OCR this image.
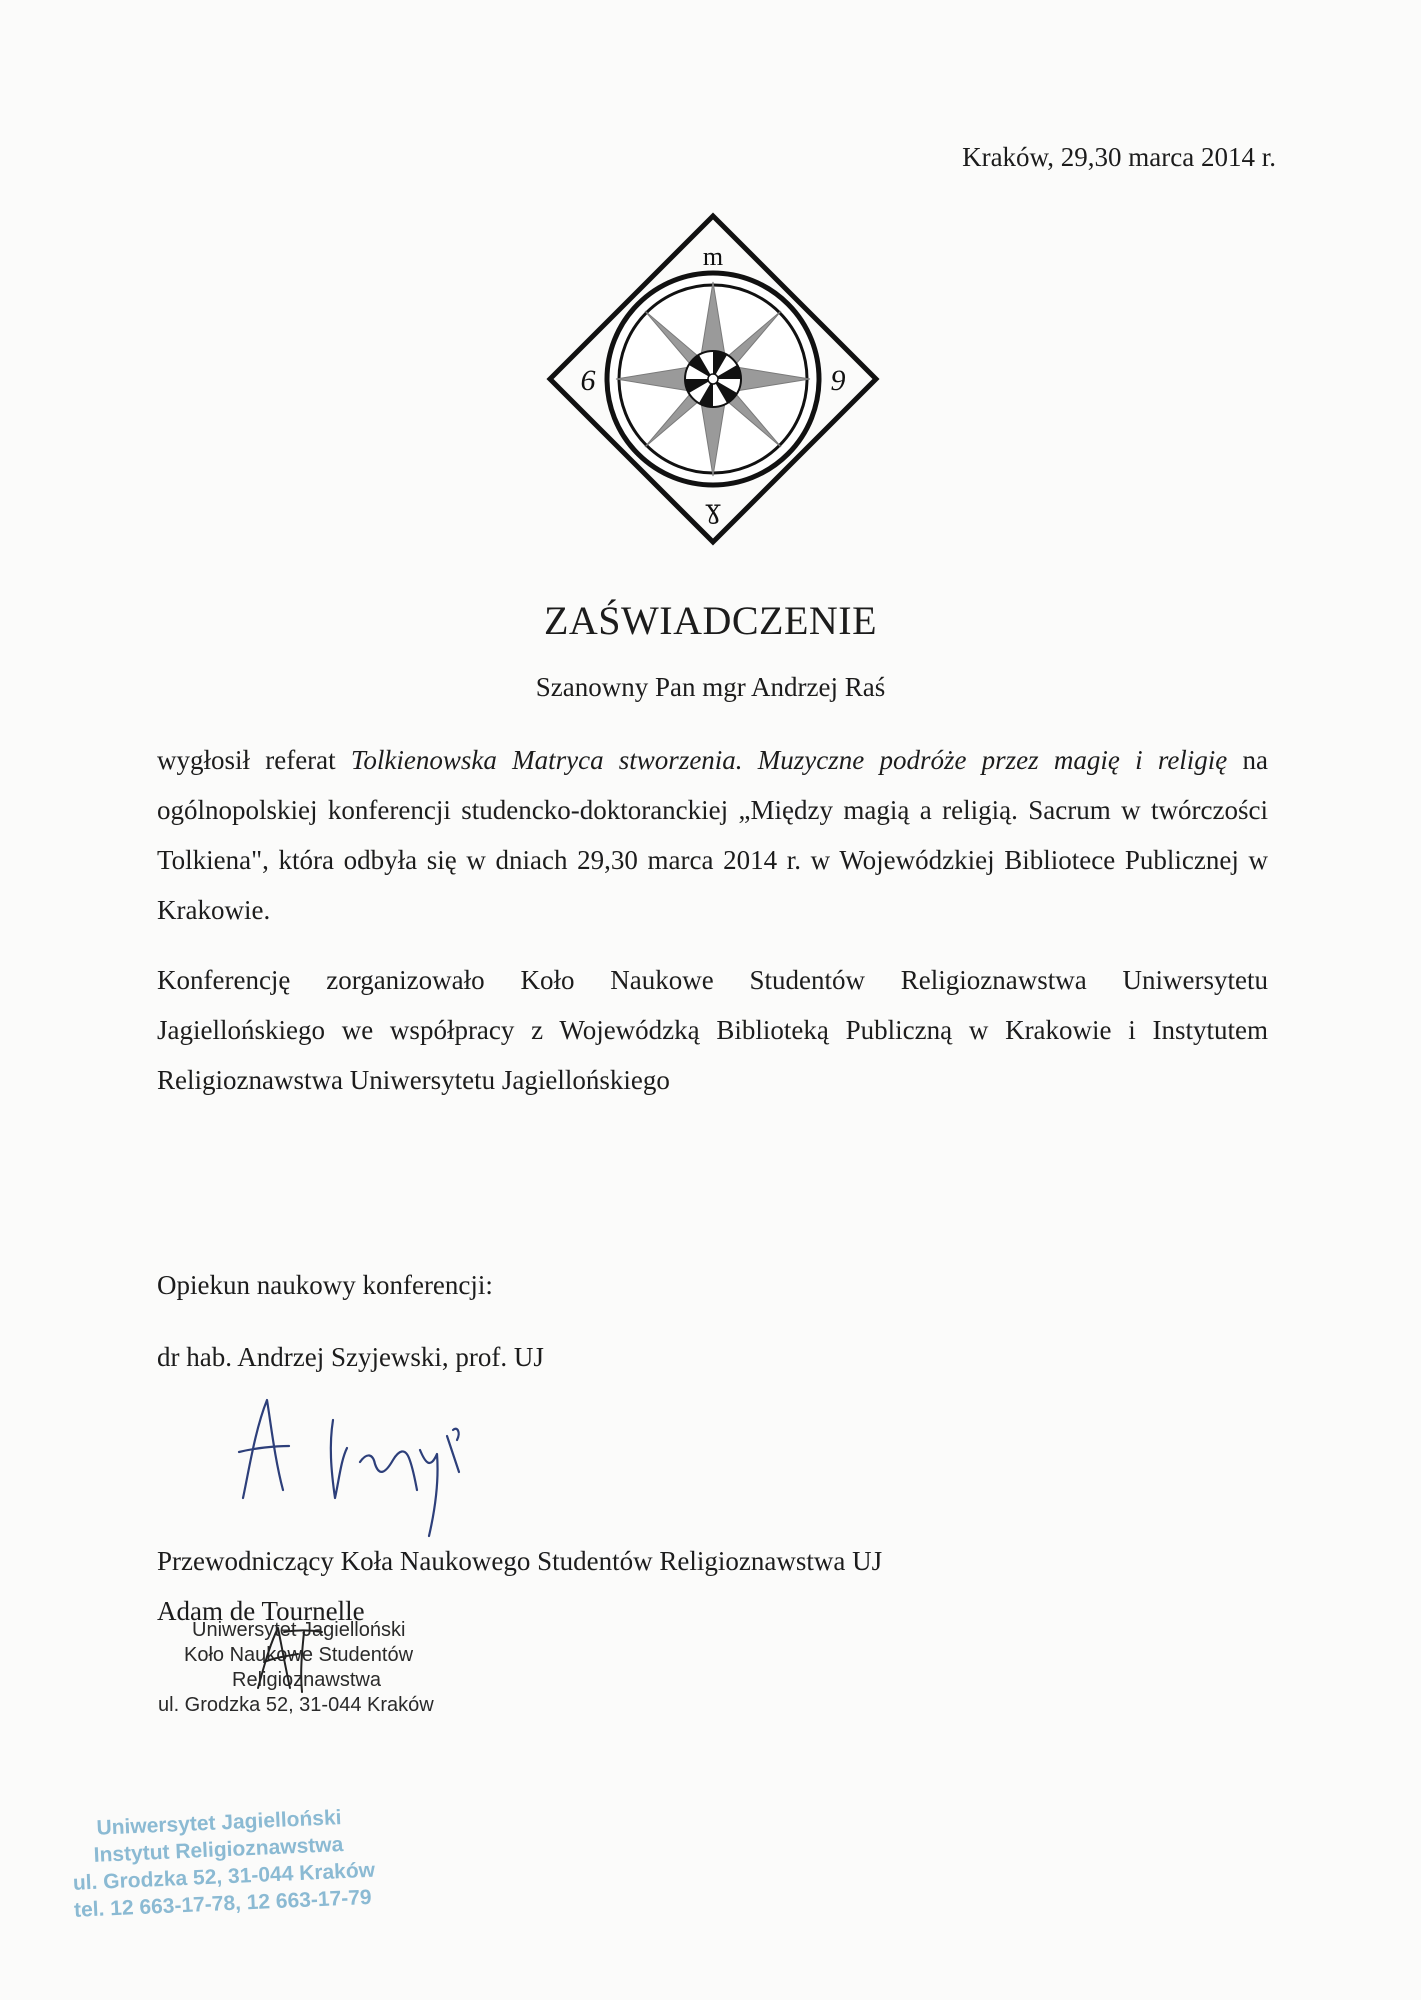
Kraków, 29,30 marca 2014 r.
m
6	9
ɣ
ZAŚWIADCZENIE
Szanowny Pan mgr Andrzej Raś
wygłosił referat Tolkienowska Matryca stworzenia. Muzyczne podróże przez magię i religię na ogólnopolskiej konferencji studencko-doktoranckiej „Między magią a religią. Sacrum w twórczości Tolkiena", która odbyła się w dniach 29,30 marca 2014 r. w Wojewódzkiej Bibliotece Publicznej w Krakowie.
Konferencję zorganizowało Koło Naukowe Studentów Religioznawstwa Uniwersytetu Jagiellońskiego we współpracy z Wojewódzką Biblioteką Publiczną w Krakowie i Instytutem Religioznawstwa Uniwersytetu Jagiellońskiego
Opiekun naukowy konferencji:
dr hab. Andrzej Szyjewski, prof. UJ
Przewodniczący Koła Naukowego Studentów Religioznawstwa UJ
Adam de Tournelle
Uniwersytet Jagielloński
Koło Naukowe Studentów
Religioznawstwa
ul. Grodzka 52, 31-044 Kraków
Uniwersytet Jagielloński
Instytut Religioznawstwa
ul. Grodzka 52, 31-044 Kraków
tel. 12 663-17-78, 12 663-17-79
